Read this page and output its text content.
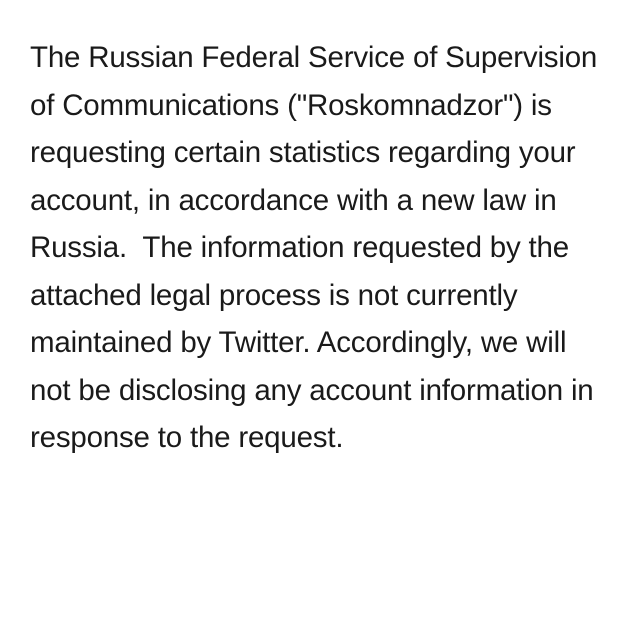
The Russian Federal Service of Supervision of Communications ("Roskomnadzor") is requesting certain statistics regarding your account, in accordance with a new law in Russia.  The information requested by the attached legal process is not currently maintained by Twitter. Accordingly, we will not be disclosing any account information in response to the request.
